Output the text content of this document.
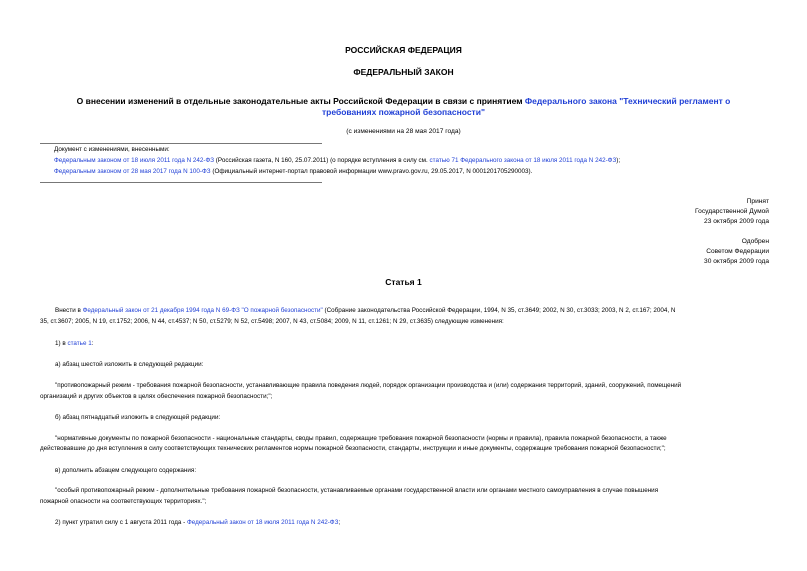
РОССИЙСКАЯ ФЕДЕРАЦИЯ
ФЕДЕРАЛЬНЫЙ ЗАКОН
О внесении изменений в отдельные законодательные акты Российской Федерации в связи с принятием Федерального закона "Технический регламент о
требованиях пожарной безопасности"
(с изменениями на 28 мая 2017 года)
Документ с изменениями, внесенными:
Федеральным законом от 18 июля 2011 года N 242-ФЗ (Российская газета, N 160, 25.07.2011) (о порядке вступления в силу см. статью 71 Федерального закона от 18 июля 2011 года N 242-ФЗ);
Федеральным законом от 28 мая 2017 года N 100-ФЗ (Официальный интернет-портал правовой информации www.pravo.gov.ru, 29.05.2017, N 0001201705290003).
Принят
Государственной Думой
23 октября 2009 года
Одобрен
Советом Федерации
30 октября 2009 года
Статья 1
Внести в Федеральный закон от 21 декабря 1994 года N 69-ФЗ "О пожарной безопасности" (Собрание законодательства Российской Федерации, 1994, N 35, ст.3649; 2002, N 30, ст.3033; 2003, N 2, ст.167; 2004, N
35, ст.3607; 2005, N 19, ст.1752; 2006, N 44, ст.4537; N 50, ст.5279; N 52, ст.5498; 2007, N 43, ст.5084; 2009, N 11, ст.1261; N 29, ст.3635) следующие изменения:
1) в статье 1:
а) абзац шестой изложить в следующей редакции:
"противопожарный режим - требования пожарной безопасности, устанавливающие правила поведения людей, порядок организации производства и (или) содержания территорий, зданий, сооружений, помещений
организаций и других объектов в целях обеспечения пожарной безопасности;";
б) абзац пятнадцатый изложить в следующей редакции:
"нормативные документы по пожарной безопасности - национальные стандарты, своды правил, содержащие требования пожарной безопасности (нормы и правила), правила пожарной безопасности, а также
действовавшие до дня вступления в силу соответствующих технических регламентов нормы пожарной безопасности, стандарты, инструкции и иные документы, содержащие требования пожарной безопасности;";
в) дополнить абзацем следующего содержания:
"особый противопожарный режим - дополнительные требования пожарной безопасности, устанавливаемые органами государственной власти или органами местного самоуправления в случае повышения
пожарной опасности на соответствующих территориях.";
2) пункт утратил силу с 1 августа 2011 года - Федеральный закон от 18 июля 2011 года N 242-ФЗ;
